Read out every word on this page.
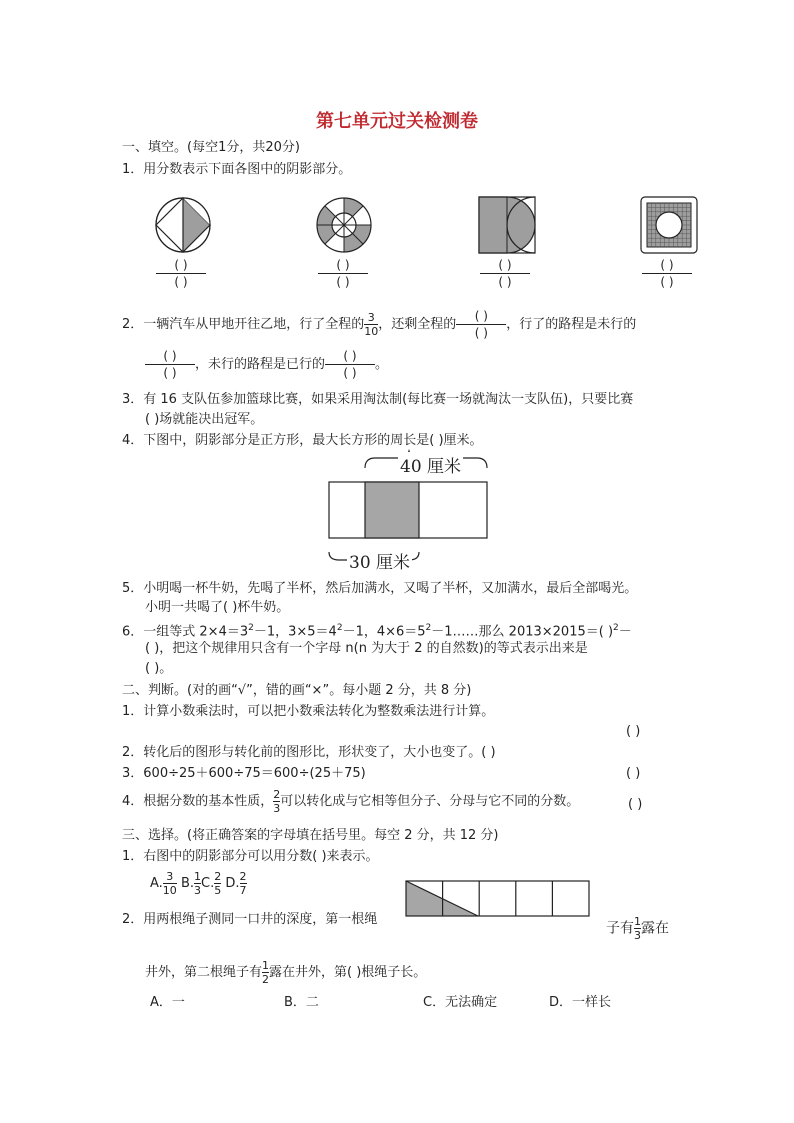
第七单元过关检测卷
一、填空。(每空1分，共20分)
1．用分数表示下面各图中的阴影部分。
( )
( )
( )
( )
( )
( )
( )
( )
2．一辆汽车从甲地开往乙地，行了全程的 $\frac{3}{10}$ ，还剩全程的
( )
( )
，行了的路程是未行的
( )
( )
，未行的路程是已行的
( )
( )
。
3．有 16 支队伍参加篮球比赛，如果采用淘汰制(每比赛一场就淘汰一支队伍)，只要比赛
( )场就能决出冠军。
4．下图中，阴影部分是正方形，最大长方形的周长是( )厘米。
40 厘米
30 厘米
5．小明喝一杯牛奶，先喝了半杯，然后加满水，又喝了半杯，又加满水，最后全部喝光。
小明一共喝了( )杯牛奶。
6．一组等式 $2\times 4=3^2-1$，$3\times 5=4^2-1$，$4\times 6=5^2-1\dots\dots$那么 2013×2015＝( )$^2$－
( )，把这个规律用只含有一个字母 n(n 为大于 2 的自然数)的等式表示出来是
( )。
二、判断。(对的画“√”，错的画“×”。每小题 2 分，共 8 分)
1．计算小数乘法时，可以把小数乘法转化为整数乘法进行计算。
( )
2．转化后的图形与转化前的图形比，形状变了，大小也变了。( )
3．600÷25＋600÷75＝600÷(25＋75)	( )
4．根据分数的基本性质， $\frac{2}{3}$ 可以转化成与它相等但分子、分母与它不同的分数。	( )
三、选择。(将正确答案的字母填在括号里。每空 2 分，共 12 分)
1．右图中的阴影部分可以用分数( )来表示。
A. $\frac{3}{10} B$. $\frac{1}{3} C$. $\frac{2}{5} D$. $\frac{2}{7}$
2．用两根绳子测同一口井的深度，第一根绳
子有 $\frac{1}{3}$ 露在
井外，第二根绳子有 $\frac{1}{2}$ 露在井外，第( )根绳子长。
A．一	B．二	C．无法确定	D．一样长
